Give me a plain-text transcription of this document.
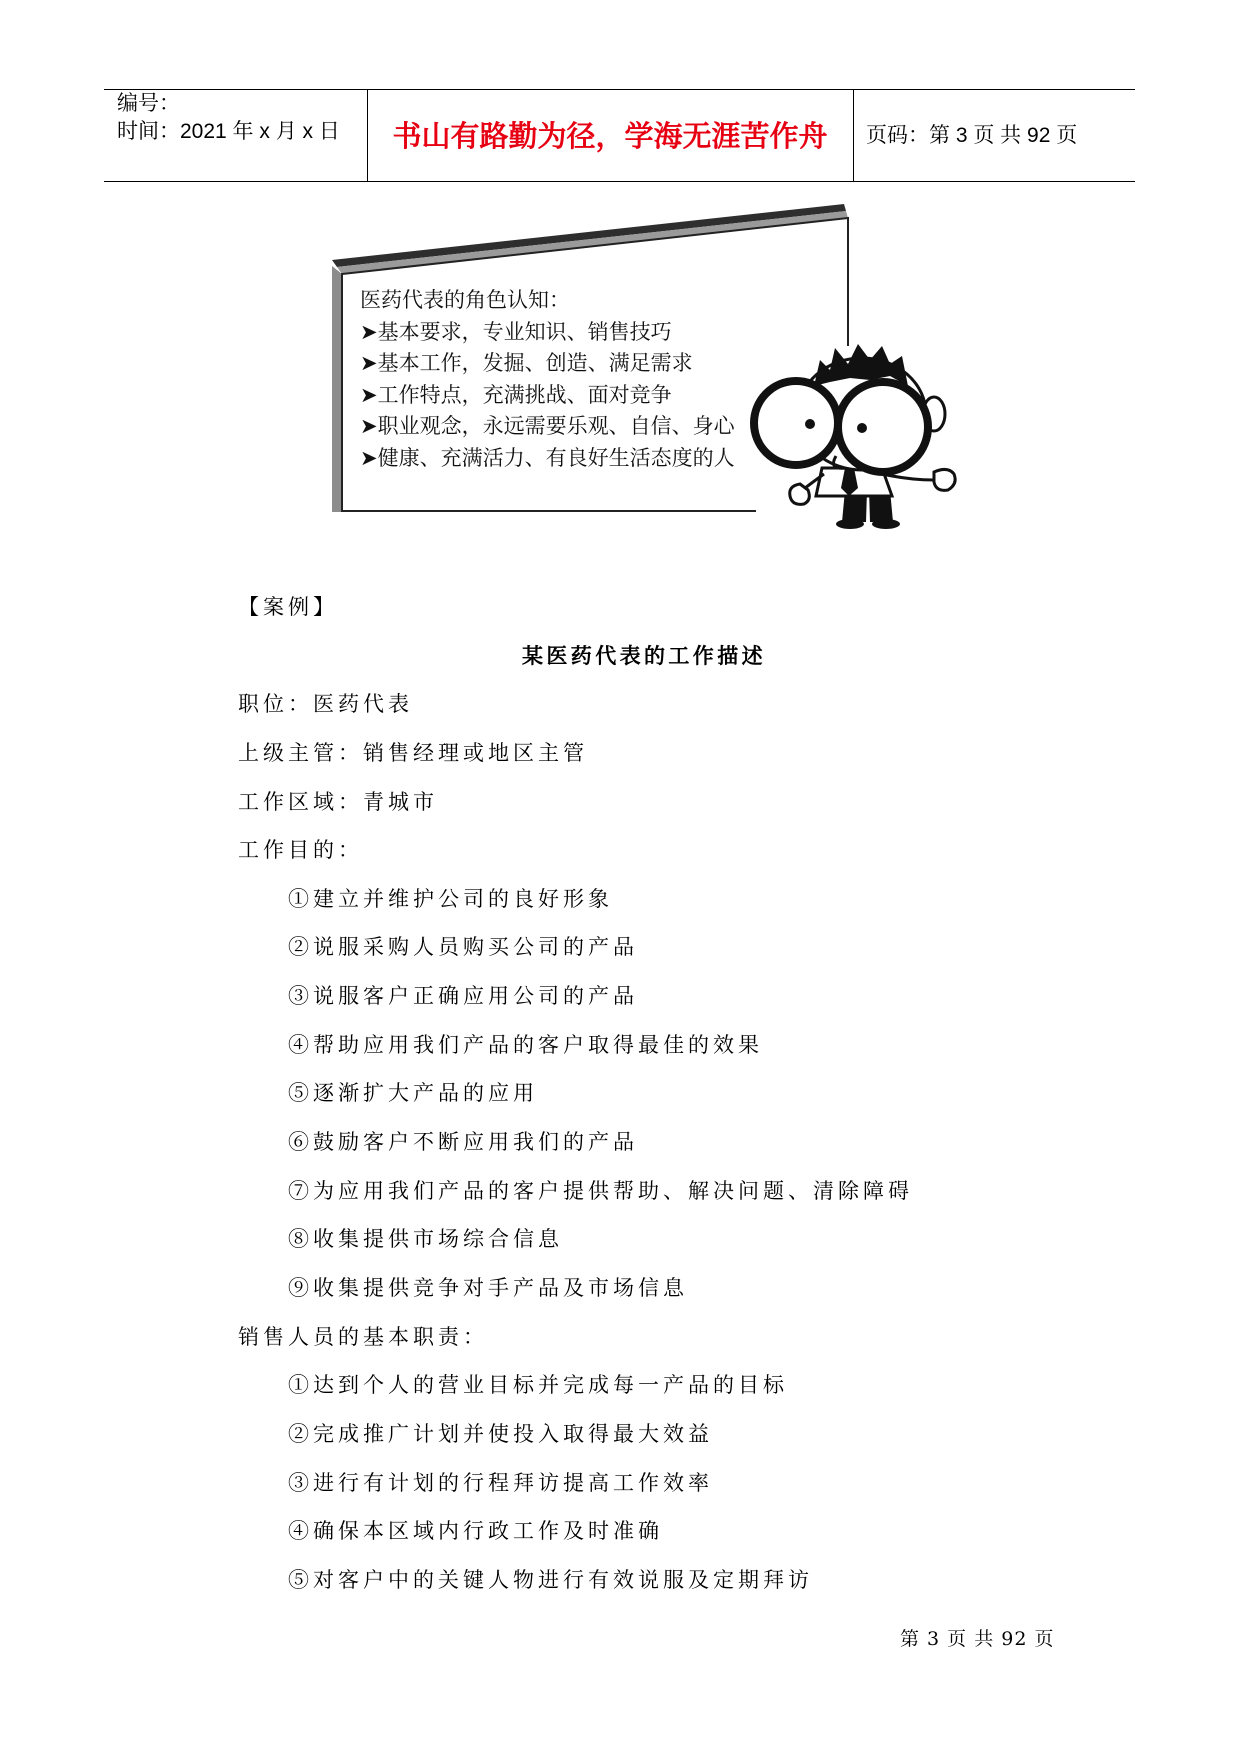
编号：
时间：2021 年 x 月 x 日	书山有路勤为径，学海无涯苦作舟	页码：第 3 页 共 92 页
医药代表的角色认知：
➤基本要求，专业知识、销售技巧
➤基本工作，发掘、创造、满足需求
➤工作特点，充满挑战、面对竞争
➤职业观念，永远需要乐观、自信、身心
➤健康、充满活力、有良好生活态度的人
【案例】
某医药代表的工作描述
职位：医药代表
上级主管：销售经理或地区主管
工作区域：青城市
工作目的：
①建立并维护公司的良好形象
②说服采购人员购买公司的产品
③说服客户正确应用公司的产品
④帮助应用我们产品的客户取得最佳的效果
⑤逐渐扩大产品的应用
⑥鼓励客户不断应用我们的产品
⑦为应用我们产品的客户提供帮助、解决问题、清除障碍
⑧收集提供市场综合信息
⑨收集提供竞争对手产品及市场信息
销售人员的基本职责：
①达到个人的营业目标并完成每一产品的目标
②完成推广计划并使投入取得最大效益
③进行有计划的行程拜访提高工作效率
④确保本区域内行政工作及时准确
⑤对客户中的关键人物进行有效说服及定期拜访
第 3 页 共 92 页
